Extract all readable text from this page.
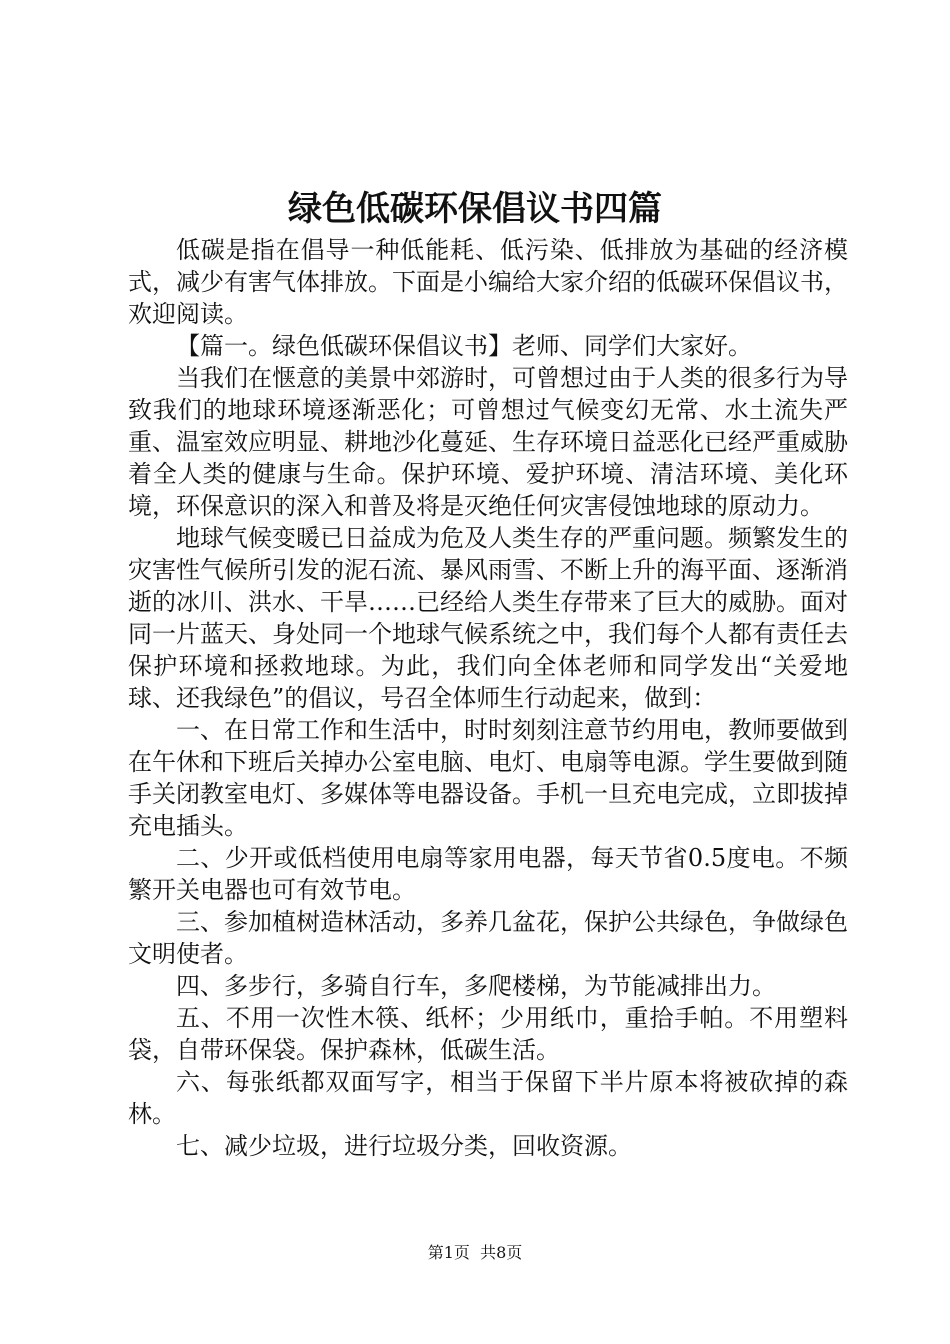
绿色低碳环保倡议书四篇

低碳是指在倡导一种低能耗、低污染、低排放为基础的经济模式，减少有害气体排放。下面是小编给大家介绍的低碳环保倡议书，欢迎阅读。

【篇一。绿色低碳环保倡议书】老师、同学们大家好。

当我们在惬意的美景中郊游时，可曾想过由于人类的很多行为导致我们的地球环境逐渐恶化；可曾想过气候变幻无常、水土流失严重、温室效应明显、耕地沙化蔓延、生存环境日益恶化已经严重威胁着全人类的健康与生命。保护环境、爱护环境、清洁环境、美化环境，环保意识的深入和普及将是灭绝任何灾害侵蚀地球的原动力。

地球气候变暖已日益成为危及人类生存的严重问题。频繁发生的灾害性气候所引发的泥石流、暴风雨雪、不断上升的海平面、逐渐消逝的冰川、洪水、干旱……已经给人类生存带来了巨大的威胁。面对同一片蓝天、身处同一个地球气候系统之中，我们每个人都有责任去保护环境和拯救地球。为此，我们向全体老师和同学发出“关爱地球、还我绿色”的倡议，号召全体师生行动起来，做到：

一、在日常工作和生活中，时时刻刻注意节约用电，教师要做到在午休和下班后关掉办公室电脑、电灯、电扇等电源。学生要做到随手关闭教室电灯、多媒体等电器设备。手机一旦充电完成，立即拔掉充电插头。

二、少开或低档使用电扇等家用电器，每天节省0.5度电。不频繁开关电器也可有效节电。

三、参加植树造林活动，多养几盆花，保护公共绿色，争做绿色文明使者。

四、多步行，多骑自行车，多爬楼梯，为节能减排出力。

五、不用一次性木筷、纸杯；少用纸巾，重拾手帕。不用塑料袋，自带环保袋。保护森林，低碳生活。

六、每张纸都双面写字，相当于保留下半片原本将被砍掉的森林。

七、减少垃圾，进行垃圾分类，回收资源。

第1页 共8页
